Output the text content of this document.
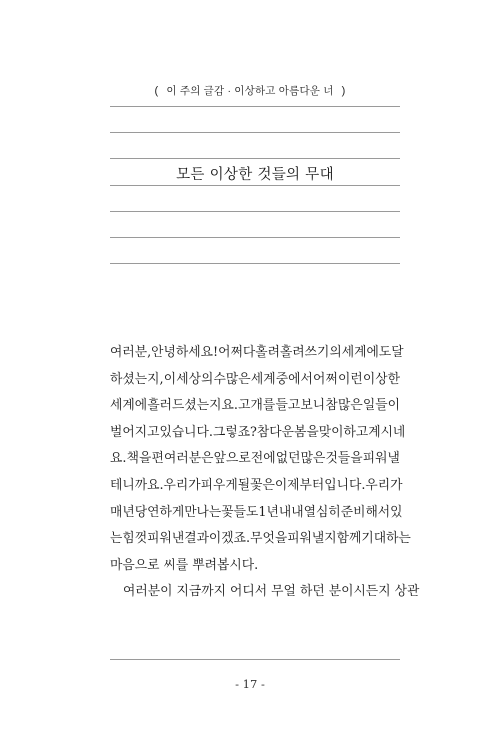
( 이 주의 글감 · 이상하고 아름다운 너 )
모든 이상한 것들의 무대
여러분, 안녕하세요! 어쩌다 홀려 홀려 쓰기의 세계에 도달
하셨는지, 이 세상의 수많은 세계 중에서 어쩌 이런 이상한
세계에 흘러드셨는지요. 고개를 들고 보니 참 많은 일들이
벌어지고 있습니다. 그렇죠? 참다운 봄을 맞이하고 계시네
요. 책을 편 여러분은 앞으로 전에 없던 많은 것들을 피워낼
테니까요. 우리가 피우게 될 꽃은 이제부터입니다. 우리가
매년 당연하게 만나는 꽃들도 1년 내내 열심히 준비해서 있
는 힘껏 피워낸 결과이겠죠. 무엇을 피워낼지 함께 기대하는
마음으로 씨를 뿌려봅시다.
여러분이 지금까지 어디서 무얼 하던 분이시든지 상관
- 17 -
